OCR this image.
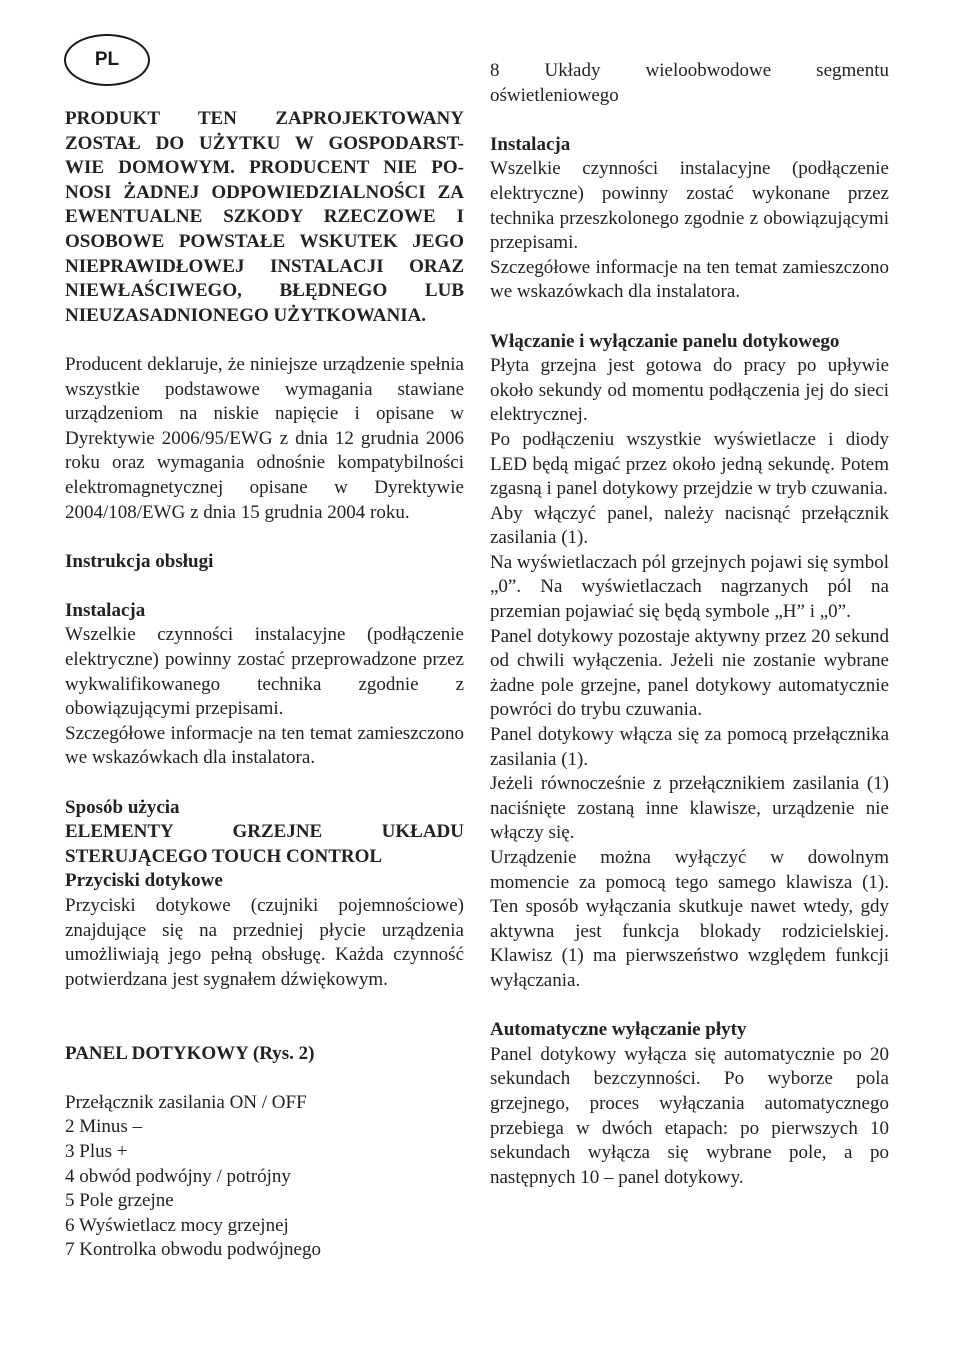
PL

PRODUKT TEN ZAPROJEKTOWANY

ZOSTAŁ DO UŻYTKU W GOSPODARST-

WIE DOMOWYM. PRODUCENT NIE PO-

NOSI ŻADNEJ ODPOWIEDZIALNOŚCI ZA

EWENTUALNE SZKODY RZECZOWE I

OSOBOWE POWSTAŁE WSKUTEK JEGO

NIEPRAWIDŁOWEJ INSTALACJI ORAZ

NIEWŁAŚCIWEGO, BŁĘDNEGO LUB

NIEUZASADNIONEGO UŻYTKOWANIA.

Producent deklaruje, że niniejsze urządzenie spełnia wszystkie podstawowe wymagania stawiane urządzeniom na niskie napięcie i opisane w Dyrektywie 2006/95/EWG z dnia 12 grudnia 2006 roku oraz wymagania odnośnie kompatybilności elektromagnetycznej opisane w Dyrektywie 2004/108/EWG z dnia 15 grudnia 2004 roku.

Instrukcja obsługi

Instalacja

Wszelkie czynności instalacyjne (podłączenie elektryczne) powinny zostać przeprowadzone przez wykwalifikowanego technika zgodnie z obowiązującymi przepisami.

Szczegółowe informacje na ten temat zamieszczono we wskazówkach dla instalatora.

Sposób użycia

ELEMENTY GRZEJNE UKŁADU

STERUJĄCEGO TOUCH CONTROL

Przyciski dotykowe

Przyciski dotykowe (czujniki pojemnościowe) znajdujące się na przedniej płycie urządzenia umożliwiają jego pełną obsługę. Każda czynność potwierdzana jest sygnałem dźwiękowym.

PANEL DOTYKOWY (Rys. 2)

Przełącznik zasilania ON / OFF

2 Minus –

3 Plus +

4 obwód podwójny / potrójny

5 Pole grzejne

6 Wyświetlacz mocy grzejnej

7 Kontrolka obwodu podwójnego

8 Układy wieloobwodowe segmentu

oświetleniowego

Instalacja

Wszelkie czynności instalacyjne (podłączenie elektryczne) powinny zostać wykonane przez technika przeszkolonego zgodnie z obowiązującymi przepisami.

Szczegółowe informacje na ten temat zamieszczono we wskazówkach dla instalatora.

Włączanie i wyłączanie panelu dotykowego

Płyta grzejna jest gotowa do pracy po upływie około sekundy od momentu podłączenia jej do sieci elektrycznej.

Po podłączeniu wszystkie wyświetlacze i diody LED będą migać przez około jedną sekundę. Potem zgasną i panel dotykowy przejdzie w tryb czuwania.

Aby włączyć panel, należy nacisnąć przełącznik zasilania (1).

Na wyświetlaczach pól grzejnych pojawi się symbol „0”. Na wyświetlaczach nagrzanych pól na przemian pojawiać się będą symbole „H” i „0”.

Panel dotykowy pozostaje aktywny przez 20 sekund od chwili wyłączenia. Jeżeli nie zostanie wybrane żadne pole grzejne, panel dotykowy automatycznie powróci do trybu czuwania.

Panel dotykowy włącza się za pomocą przełącznika zasilania (1).

Jeżeli równocześnie z przełącznikiem zasilania (1) naciśnięte zostaną inne klawisze, urządzenie nie włączy się.

Urządzenie można wyłączyć w dowolnym momencie za pomocą tego samego klawisza (1). Ten sposób wyłączania skutkuje nawet wtedy, gdy aktywna jest funkcja blokady rodzicielskiej. Klawisz (1) ma pierwszeństwo względem funkcji wyłączania.

Automatyczne wyłączanie płyty

Panel dotykowy wyłącza się automatycznie po 20 sekundach bezczynności. Po wyborze pola grzejnego, proces wyłączania automatycznego przebiega w dwóch etapach: po pierwszych 10 sekundach wyłącza się wybrane pole, a po następnych 10 – panel dotykowy.
